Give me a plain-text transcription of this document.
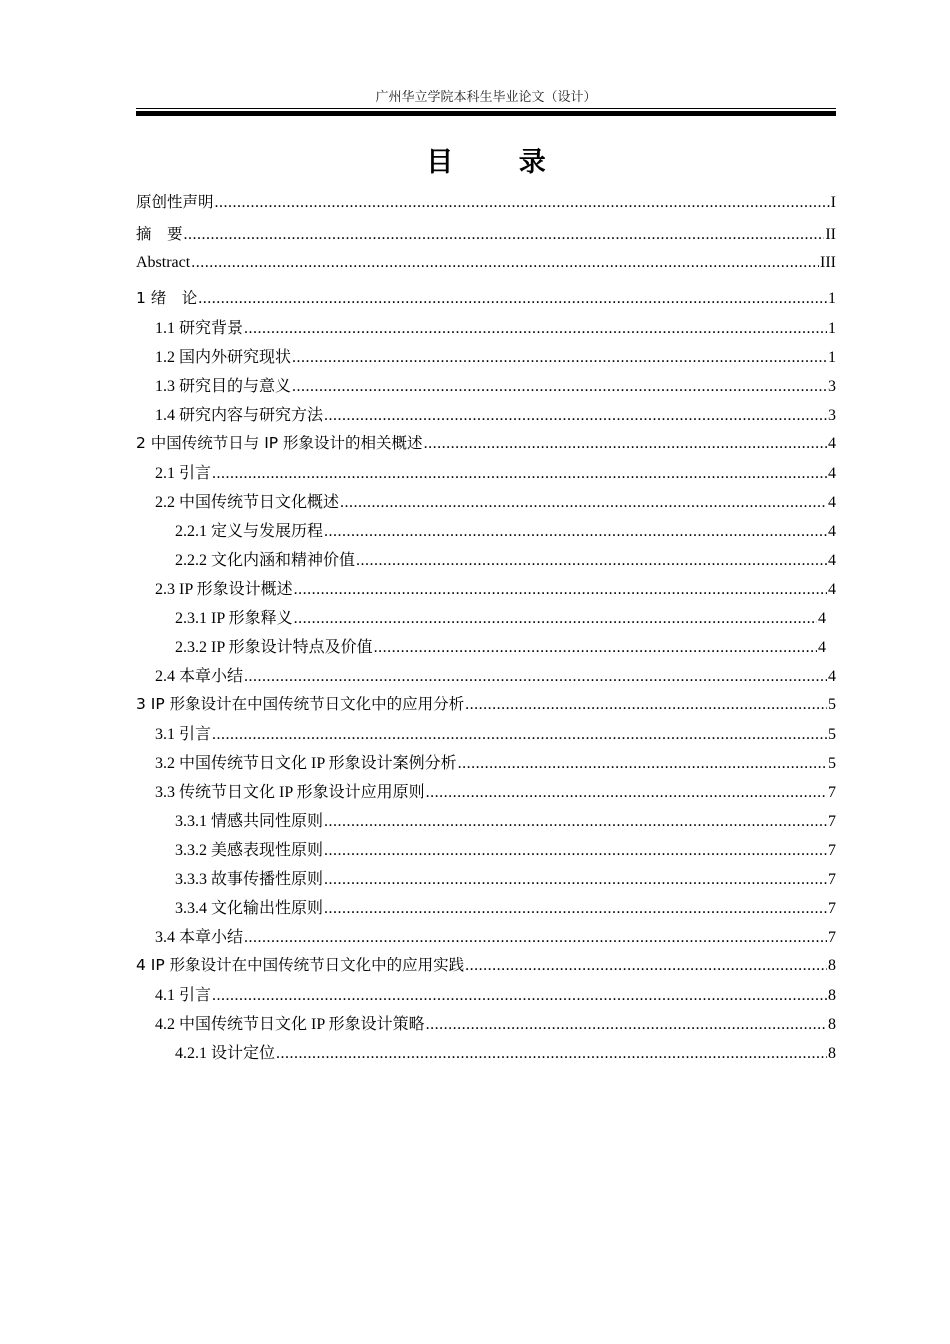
广州华立学院本科生毕业论文（设计）
目 录
原创性声明 .....	I
摘　要 .....	II
Abstract .....	III
1 绪　论 .....	1
1.1 研究背景 .....	1
1.2 国内外研究现状 .....	1
1.3 研究目的与意义 .....	3
1.4 研究内容与研究方法 .....	3
2 中国传统节日与 IP 形象设计的相关概述 .....	4
2.1 引言 .....	4
2.2 中国传统节日文化概述 .....	4
2.2.1 定义与发展历程 .....	4
2.2.2 文化内涵和精神价值 .....	4
2.3 IP 形象设计概述 .....	4
2.3.1 IP 形象释义 .....	4
2.3.2 IP 形象设计特点及价值 .....	4
2.4 本章小结 .....	4
3 IP 形象设计在中国传统节日文化中的应用分析 .....	5
3.1 引言 .....	5
3.2 中国传统节日文化 IP 形象设计案例分析 .....	5
3.3 传统节日文化 IP 形象设计应用原则 .....	7
3.3.1 情感共同性原则 .....	7
3.3.2 美感表现性原则 .....	7
3.3.3 故事传播性原则 .....	7
3.3.4 文化输出性原则 .....	7
3.4 本章小结 .....	7
4 IP 形象设计在中国传统节日文化中的应用实践 .....	8
4.1 引言 .....	8
4.2 中国传统节日文化 IP 形象设计策略 .....	8
4.2.1 设计定位 .....	8
